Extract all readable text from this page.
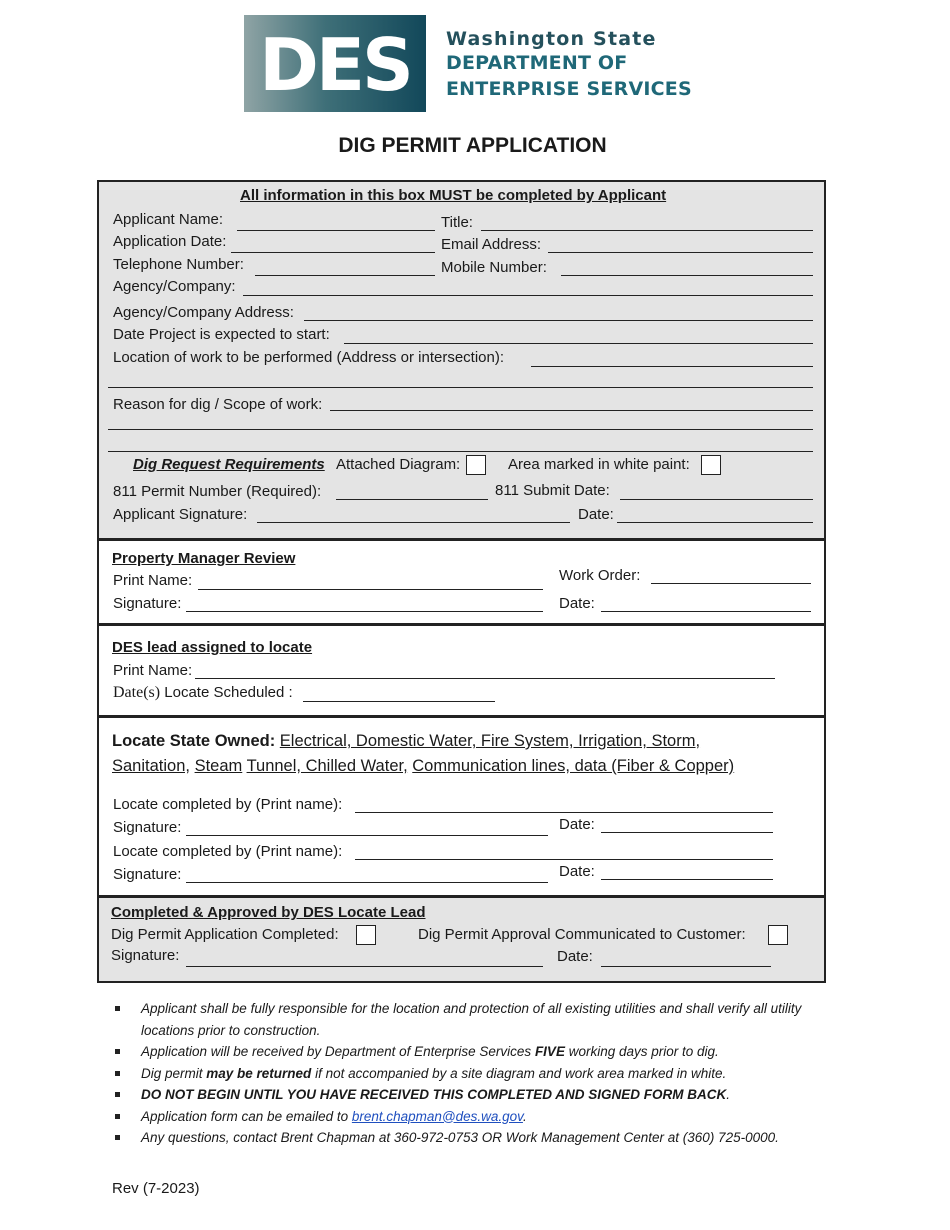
DES	Washington State
DEPARTMENT OF
ENTERPRISE SERVICES
DIG PERMIT APPLICATION
All information in this box MUST be completed by Applicant
Applicant Name:	Title:
Application Date:	Email Address:
Telephone Number:	Mobile Number:
Agency/Company:
Agency/Company Address:
Date Project is expected to start:
Location of work to be performed (Address or intersection):
Reason for dig / Scope of work:
Dig Request Requirements Attached Diagram:	Area marked in white paint:
811 Permit Number (Required):	811 Submit Date:
Applicant Signature:	Date:
Property Manager Review
Print Name:	Work Order:
Signature:	Date:
DES lead assigned to locate
Print Name:
Date(s) Locate Scheduled :
Locate State Owned: Electrical, Domestic Water, Fire System, Irrigation, Storm,
Sanitation, Steam Tunnel, Chilled Water, Communication lines, data (Fiber & Copper)
Locate completed by (Print name):
Signature:	Date:
Locate completed by (Print name):
Signature:	Date:
Completed & Approved by DES Locate Lead
Dig Permit Application Completed:	Dig Permit Approval Communicated to Customer:
Signature:	Date:
Applicant shall be fully responsible for the location and protection of all existing utilities and shall verify all utility locations prior to construction.
Application will be received by Department of Enterprise Services FIVE working days prior to dig.
Dig permit may be returned if not accompanied by a site diagram and work area marked in white.
DO NOT BEGIN UNTIL YOU HAVE RECEIVED THIS COMPLETED AND SIGNED FORM BACK.
Application form can be emailed to brent.chapman@des.wa.gov.
Any questions, contact Brent Chapman at 360-972-0753 OR Work Management Center at (360) 725-0000.
Rev (7-2023)
